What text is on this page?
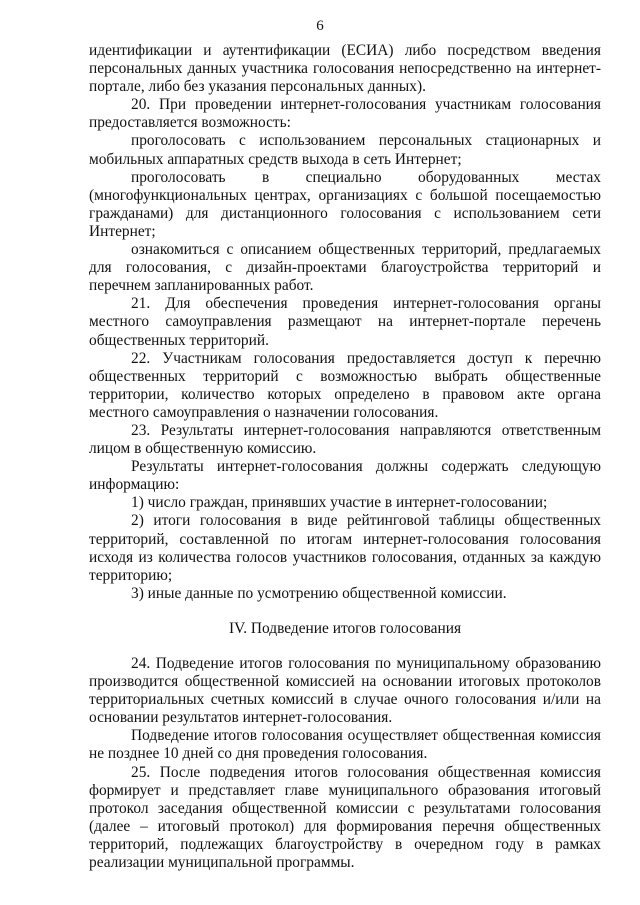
6

идентификации и аутентификации (ЕСИА) либо посредством введения персональных данных участника голосования непосредственно на интернет-портале, либо без указания персональных данных).

20. При проведении интернет-голосования участникам голосования предоставляется возможность:

проголосовать с использованием персональных стационарных и мобильных аппаратных средств выхода в сеть Интернет;

проголосовать в специально оборудованных местах (многофункциональных центрах, организациях с большой посещаемостью гражданами) для дистанционного голосования с использованием сети Интернет;

ознакомиться с описанием общественных территорий, предлагаемых для голосования, с дизайн-проектами благоустройства территорий и перечнем запланированных работ.

21. Для обеспечения проведения интернет-голосования органы местного самоуправления размещают на интернет-портале перечень общественных территорий.

22. Участникам голосования предоставляется доступ к перечню общественных территорий с возможностью выбрать общественные территории, количество которых определено в правовом акте органа местного самоуправления о назначении голосования.

23. Результаты интернет-голосования направляются ответственным лицом в общественную комиссию.

Результаты интернет-голосования должны содержать следующую информацию:

1) число граждан, принявших участие в интернет-голосовании;

2) итоги голосования в виде рейтинговой таблицы общественных территорий, составленной по итогам интернет-голосования голосования исходя из количества голосов участников голосования, отданных за каждую территорию;

3) иные данные по усмотрению общественной комиссии.

IV. Подведение итогов голосования

24. Подведение итогов голосования по муниципальному образованию производится общественной комиссией на основании итоговых протоколов территориальных счетных комиссий в случае очного голосования и/или на основании результатов интернет-голосования.

Подведение итогов голосования осуществляет общественная комиссия не позднее 10 дней со дня проведения голосования.

25. После подведения итогов голосования общественная комиссия формирует и представляет главе муниципального образования итоговый протокол заседания общественной комиссии с результатами голосования (далее – итоговый протокол) для формирования перечня общественных территорий, подлежащих благоустройству в очередном году в рамках реализации муниципальной программы.
